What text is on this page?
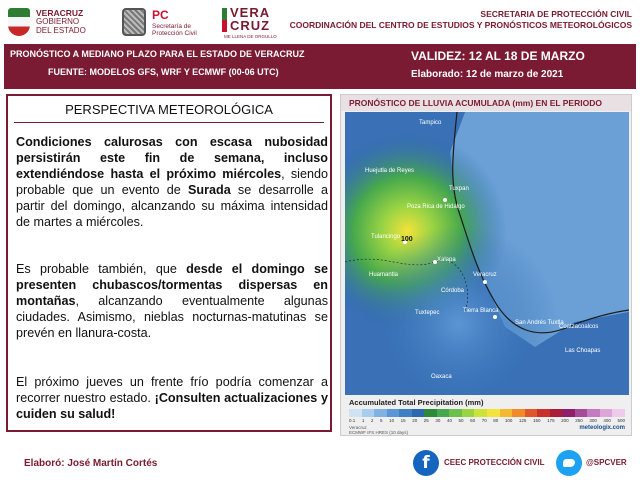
VERACRUZ
GOBIERNO
DEL ESTADO
PC
Secretaría de
Protección Civil
VERA
CRUZ
ME LLENA DE ORGULLO
SECRETARIA DE PROTECCIÓN CIVIL
COORDINACIÓN DEL CENTRO DE ESTUDIOS Y PRONÓSTICOS METEOROLÓGICOS
PRONÓSTICO A MEDIANO PLAZO PARA EL ESTADO DE VERACRUZ
FUENTE: MODELOS GFS, WRF Y ECMWF (00-06 UTC)
VALIDEZ: 12 AL 18 DE MARZO
Elaborado: 12 de marzo de 2021
PERSPECTIVA METEOROLÓGICA
Condiciones calurosas con escasa nubosidad persistirán este fin de semana, incluso extendiéndose hasta el próximo miércoles, siendo probable que un evento de Surada se desarrolle a partir del domingo, alcanzando su máxima intensidad de martes a miércoles.
Es probable también, que desde el domingo se presenten chubascos/tormentas dispersas en montañas, alcanzando eventualmente algunas ciudades. Asimismo, nieblas nocturnas-matutinas se prevén en llanura-costa.
El próximo jueves un frente frío podría comenzar a recorrer nuestro estado. ¡Consulten actualizaciones y cuiden su salud!
PRONÓSTICO DE LLUVIA ACUMULADA (mm) EN EL PERIODO
Tampico
Huejutla de Reyes
Tuxpan
Poza Rica de Hidalgo
Tulancingo
Xalapa
Veracruz
Huamantla
Córdoba
Tuxtepec	Tierra Blanca
Coatzacoalcos
San Andrés Tuxtla
Oaxaca
Las Choapas
100
Accumulated Total Precipitation (mm)
0.1 1 2 5 10 15 20 25 30 40 50 60 70 80 100 125 150 175 200 250 300 400 500
Veracruz
ECMWF IFS HRES (10 days)
meteologix.com
Elaboró: José Martín Cortés	f	CEEC PROTECCIÓN CIVIL	@SPCVER
